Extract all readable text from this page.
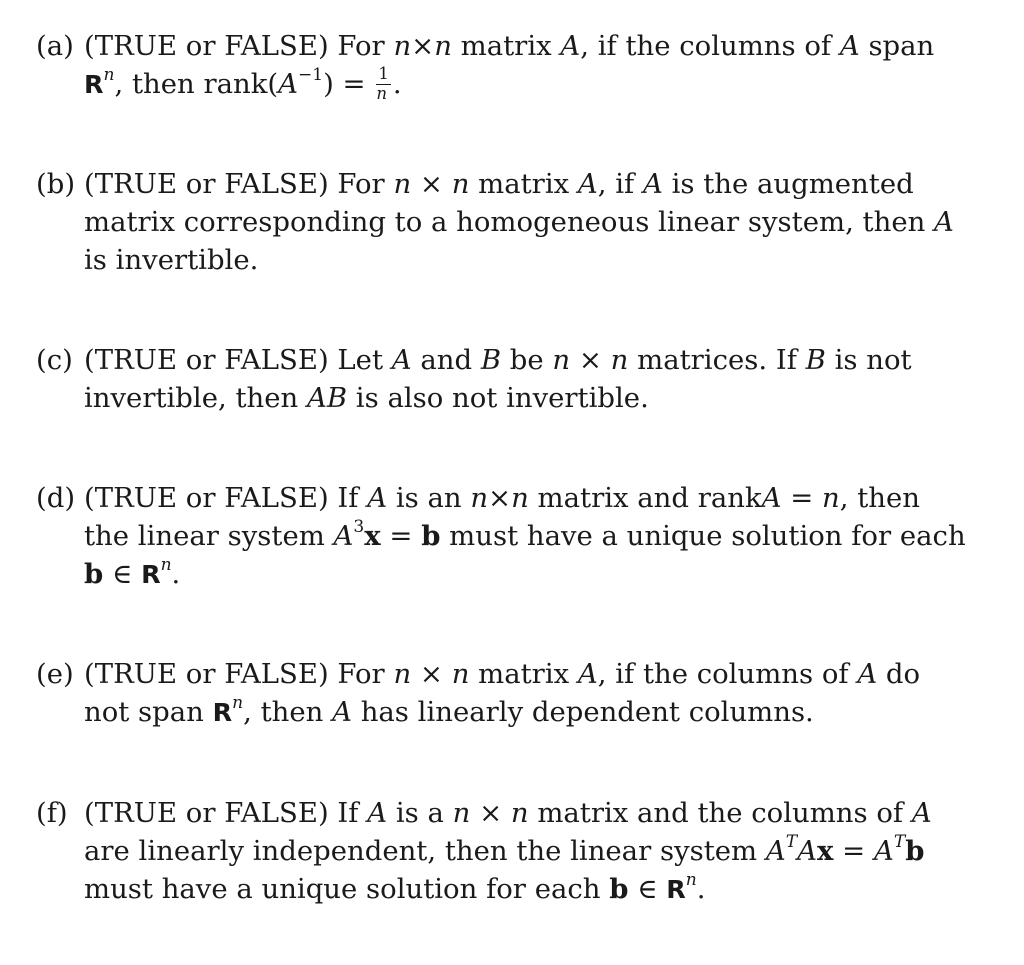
(a) (TRUE or FALSE) For n×n matrix A, if the columns of A span
$R^n$, then $rank(A^{-1}) = \frac{1}{n}$ .
(b) (TRUE or FALSE) For n × n matrix A, if A is the augmented
matrix corresponding to a homogeneous linear system, then A
is invertible.
(c) (TRUE or FALSE) Let A and B be n × n matrices. If B is not
invertible, then AB is also not invertible.
(d) (TRUE or FALSE) If A is an n×n matrix and rankA = n, then
the linear system $A^3x = b$ must have a unique solution for each
b ∈ $R^n$.
(e) (TRUE or FALSE) For n × n matrix A, if the columns of A do
not span $R^n$, then A has linearly dependent columns.
(f) (TRUE or FALSE) If A is a n × n matrix and the columns of A
are linearly independent, then the linear system $A^TAx = A^Tb$
must have a unique solution for each b ∈ $R^n$.
